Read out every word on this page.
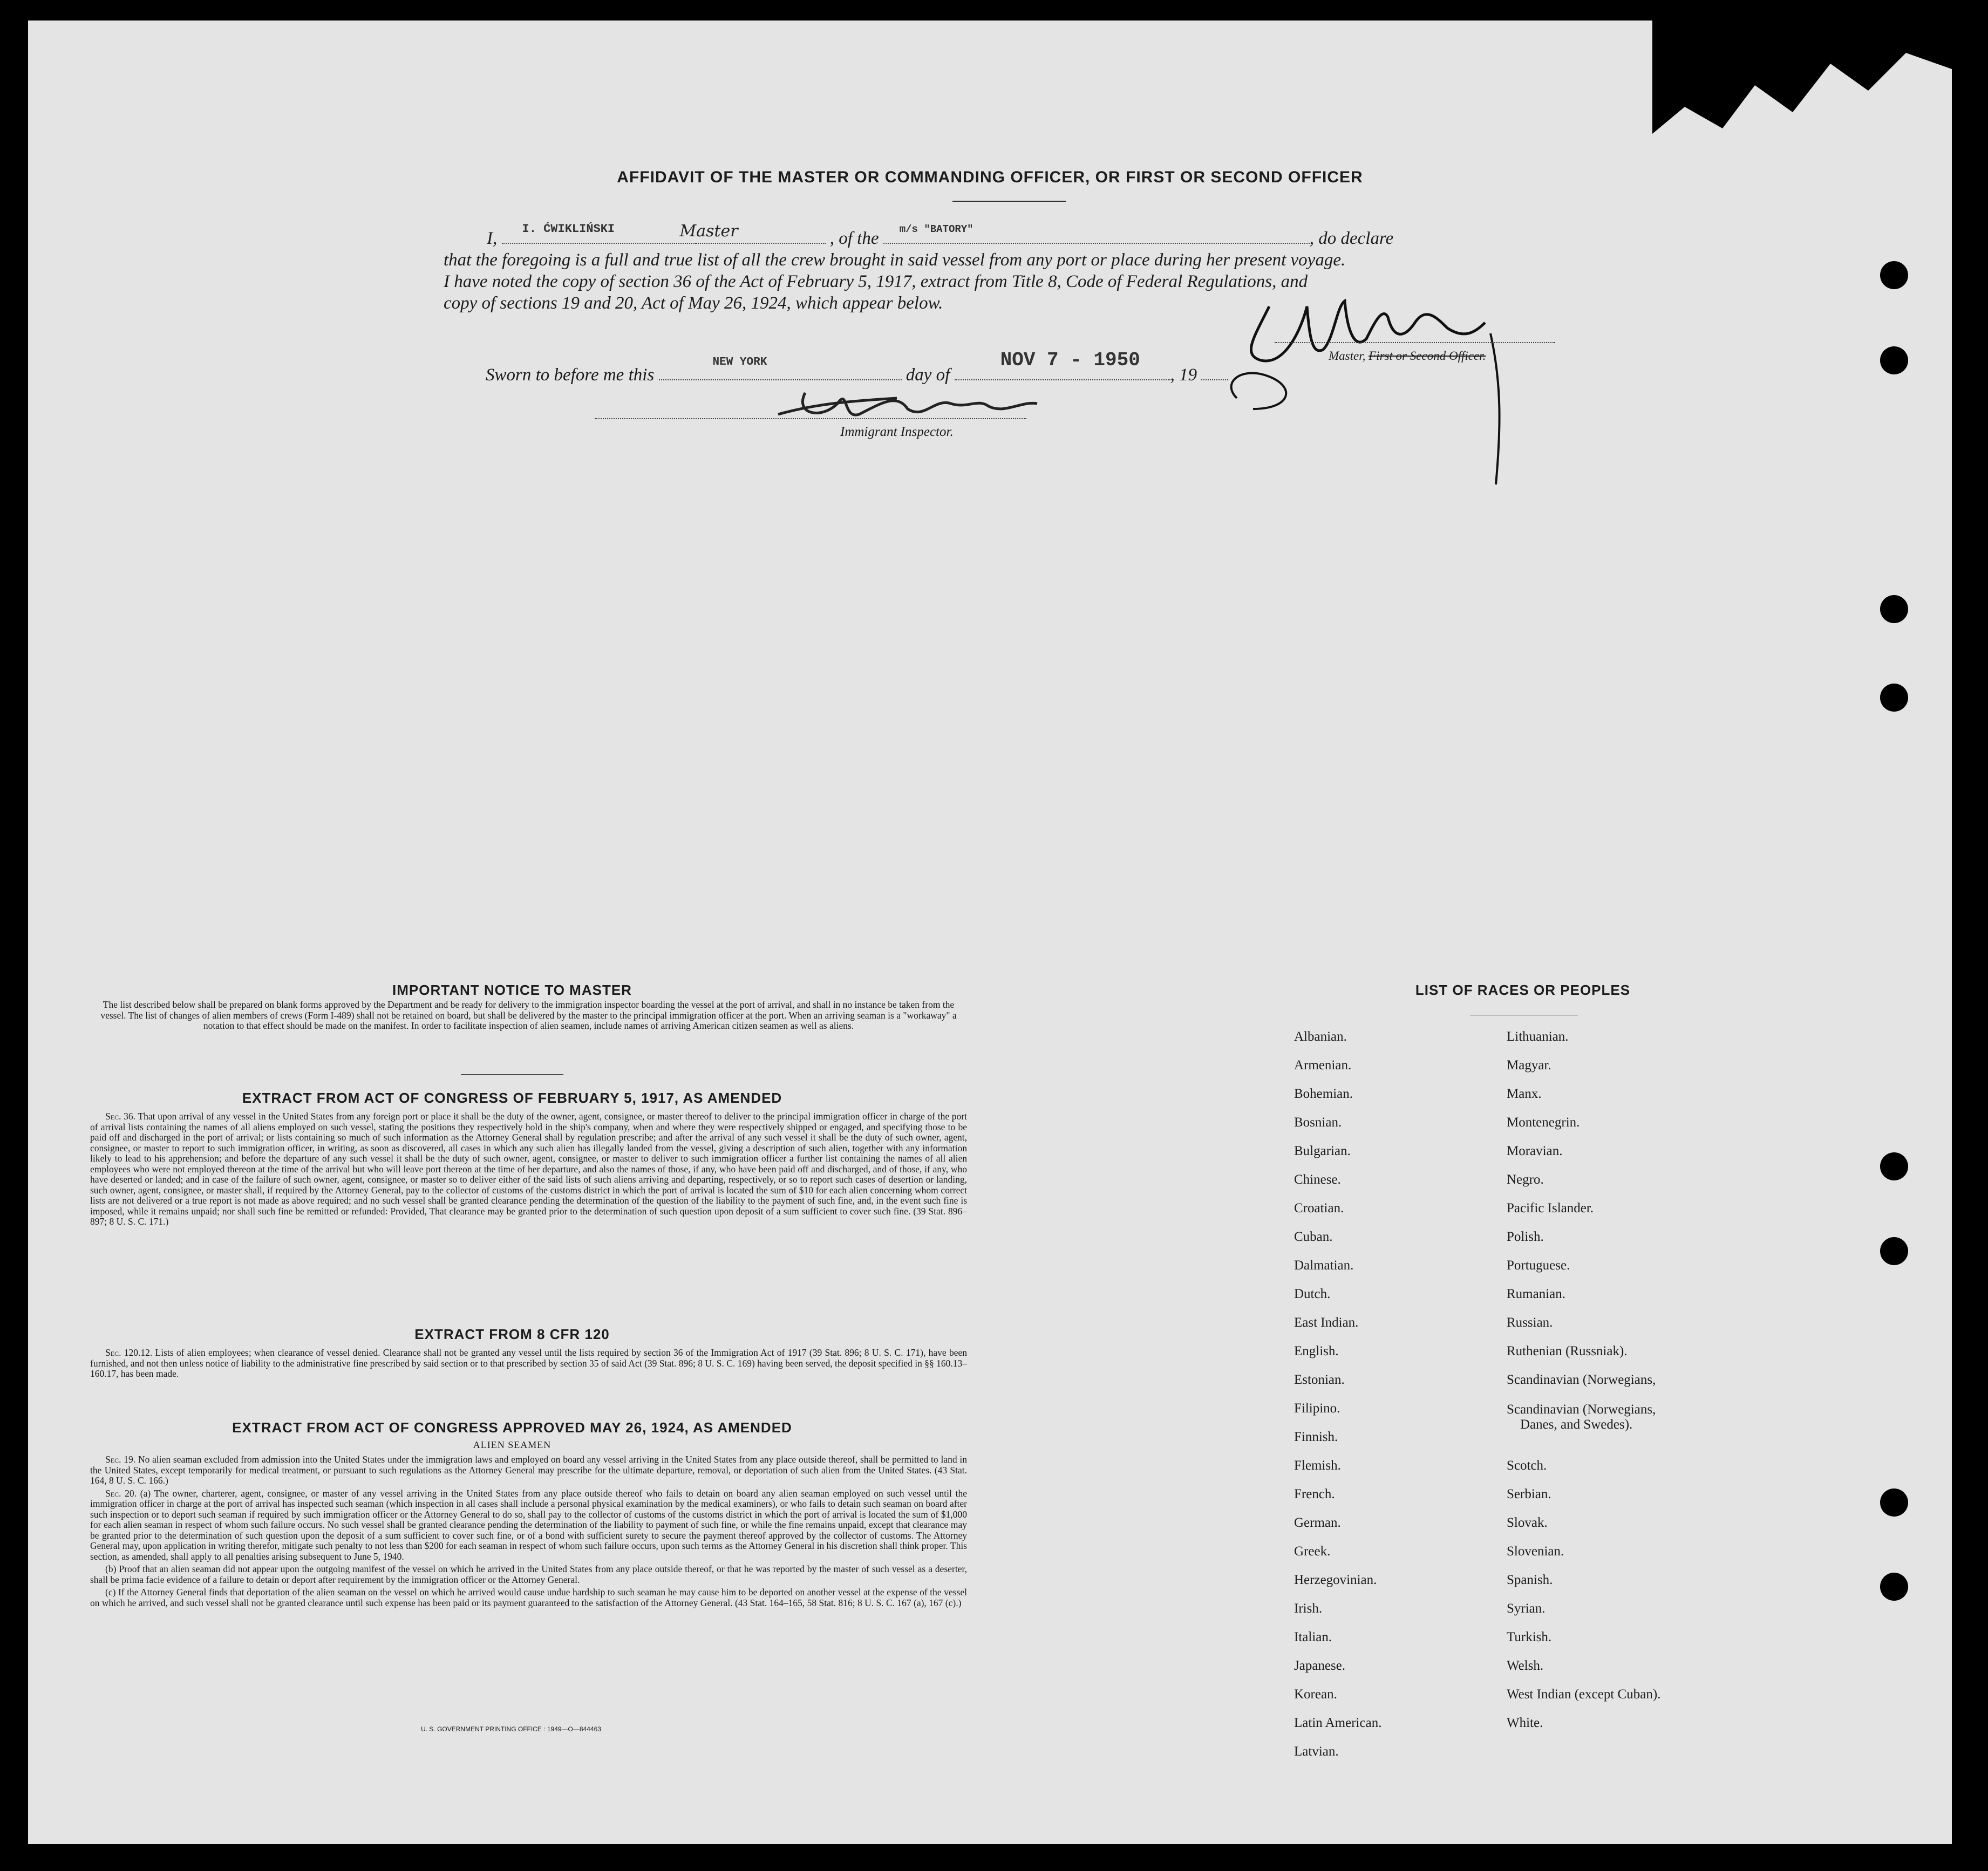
AFFIDAVIT OF THE MASTER OR COMMANDING OFFICER, OR FIRST OR SECOND OFFICER
I, I. ĆWIKLIŃSKI	Master	, of the m/s "BATORY"	, do declare
that the foregoing is a full and true list of all the crew brought in said vessel from any port or place during her present voyage.
I have noted the copy of section 36 of the Act of February 5, 1917, extract from Title 8, Code of Federal Regulations, and
copy of sections 19 and 20, Act of May 26, 1924, which appear below.
Master, First or Second Officer.
Sworn to before me this
NEW YORK
day of
NOV 7 - 1950
, 19
Immigrant Inspector.
IMPORTANT NOTICE TO MASTER
The list described below shall be prepared on blank forms approved by the Department and be ready for delivery to the immigration inspector boarding the vessel at the port of arrival, and shall in no instance be taken from the vessel. The list of changes of alien members of crews (Form I-489) shall not be retained on board, but shall be delivered by the master to the principal immigration officer at the port. When an arriving seaman is a "workaway" a notation to that effect should be made on the manifest. In order to facilitate inspection of alien seamen, include names of arriving American citizen seamen as well as aliens.
EXTRACT FROM ACT OF CONGRESS OF FEBRUARY 5, 1917, AS AMENDED

Sec. 36. That upon arrival of any vessel in the United States from any foreign port or place it shall be the duty of the owner, agent, consignee, or master thereof to deliver to the principal immigration officer in charge of the port of arrival lists containing the names of all aliens employed on such vessel, stating the positions they respectively hold in the ship's company, when and where they were respectively shipped or engaged, and specifying those to be paid off and discharged in the port of arrival; or lists containing so much of such information as the Attorney General shall by regulation prescribe; and after the arrival of any such vessel it shall be the duty of such owner, agent, consignee, or master to report to such immigration officer, in writing, as soon as discovered, all cases in which any such alien has illegally landed from the vessel, giving a description of such alien, together with any information likely to lead to his apprehension; and before the departure of any such vessel it shall be the duty of such owner, agent, consignee, or master to deliver to such immigration officer a further list containing the names of all alien employees who were not employed thereon at the time of the arrival but who will leave port thereon at the time of her departure, and also the names of those, if any, who have been paid off and discharged, and of those, if any, who have deserted or landed; and in case of the failure of such owner, agent, consignee, or master so to deliver either of the said lists of such aliens arriving and departing, respectively, or so to report such cases of desertion or landing, such owner, agent, consignee, or master shall, if required by the Attorney General, pay to the collector of customs of the customs district in which the port of arrival is located the sum of $10 for each alien concerning whom correct lists are not delivered or a true report is not made as above required; and no such vessel shall be granted clearance pending the determination of the question of the liability to the payment of such fine, and, in the event such fine is imposed, while it remains unpaid; nor shall such fine be remitted or refunded: Provided, That clearance may be granted prior to the determination of such question upon deposit of a sum sufficient to cover such fine. (39 Stat. 896–897; 8 U. S. C. 171.)

EXTRACT FROM 8 CFR 120

Sec. 120.12. Lists of alien employees; when clearance of vessel denied. Clearance shall not be granted any vessel until the lists required by section 36 of the Immigration Act of 1917 (39 Stat. 896; 8 U. S. C. 171), have been furnished, and not then unless notice of liability to the administrative fine prescribed by said section or to that prescribed by section 35 of said Act (39 Stat. 896; 8 U. S. C. 169) having been served, the deposit specified in §§ 160.13–160.17, has been made.

EXTRACT FROM ACT OF CONGRESS APPROVED MAY 26, 1924, AS AMENDED
ALIEN SEAMEN

Sec. 19. No alien seaman excluded from admission into the United States under the immigration laws and employed on board any vessel arriving in the United States from any place outside thereof, shall be permitted to land in the United States, except temporarily for medical treatment, or pursuant to such regulations as the Attorney General may prescribe for the ultimate departure, removal, or deportation of such alien from the United States. (43 Stat. 164, 8 U. S. C. 166.)

Sec. 20. (a) The owner, charterer, agent, consignee, or master of any vessel arriving in the United States from any place outside thereof who fails to detain on board any alien seaman employed on such vessel until the immigration officer in charge at the port of arrival has inspected such seaman (which inspection in all cases shall include a personal physical examination by the medical examiners), or who fails to detain such seaman on board after such inspection or to deport such seaman if required by such immigration officer or the Attorney General to do so, shall pay to the collector of customs of the customs district in which the port of arrival is located the sum of $1,000 for each alien seaman in respect of whom such failure occurs. No such vessel shall be granted clearance pending the determination of the liability to payment of such fine, or while the fine remains unpaid, except that clearance may be granted prior to the determination of such question upon the deposit of a sum sufficient to cover such fine, or of a bond with sufficient surety to secure the payment thereof approved by the collector of customs. The Attorney General may, upon application in writing therefor, mitigate such penalty to not less than $200 for each seaman in respect of whom such failure occurs, upon such terms as the Attorney General in his discretion shall think proper. This section, as amended, shall apply to all penalties arising subsequent to June 5, 1940.

(b) Proof that an alien seaman did not appear upon the outgoing manifest of the vessel on which he arrived in the United States from any place outside thereof, or that he was reported by the master of such vessel as a deserter, shall be prima facie evidence of a failure to detain or deport after requirement by the immigration officer or the Attorney General.

(c) If the Attorney General finds that deportation of the alien seaman on the vessel on which he arrived would cause undue hardship to such seaman he may cause him to be deported on another vessel at the expense of the vessel on which he arrived, and such vessel shall not be granted clearance until such expense has been paid or its payment guaranteed to the satisfaction of the Attorney General. (43 Stat. 164–165, 58 Stat. 816; 8 U. S. C. 167 (a), 167 (c).)

U. S. GOVERNMENT PRINTING OFFICE : 1949—O—844463
LIST OF RACES OR PEOPLES
Albanian.
Armenian.
Bohemian.
Bosnian.
Bulgarian.
Chinese.
Croatian.
Cuban.
Dalmatian.
Dutch.
East Indian.
English.
Estonian.
Filipino.
Finnish.
Flemish.
French.
German.
Greek.
Herzegovinian.
Irish.
Italian.
Japanese.
Korean.
Latin American.
Latvian.
Lithuanian.
Magyar.
Manx.
Montenegrin.
Moravian.
Negro.
Pacific Islander.
Polish.
Portuguese.
Rumanian.
Russian.
Ruthenian (Russniak).
Scandinavian (Norwegians,
Scandinavian (Norwegians,
Danes, and Swedes).
Scotch.
Serbian.
Slovak.
Slovenian.
Spanish.
Syrian.
Turkish.
Welsh.
West Indian (except Cuban).
White.
